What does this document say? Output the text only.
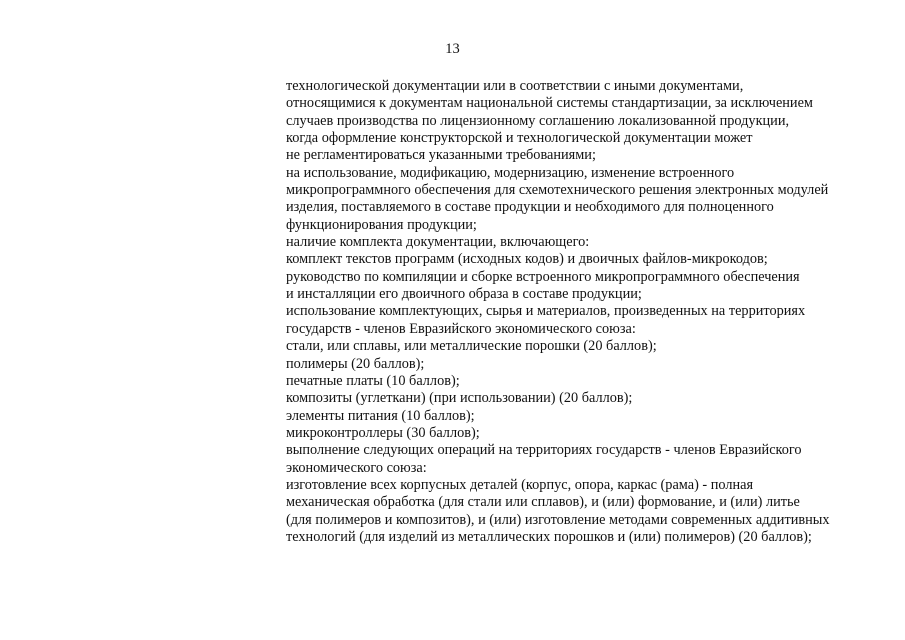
13
технологической документации или в соответствии с иными документами,
относящимися к документам национальной системы стандартизации, за исключением
случаев производства по лицензионному соглашению локализованной продукции,
когда оформление конструкторской и технологической документации может
не регламентироваться указанными требованиями;
на использование, модификацию, модернизацию, изменение встроенного
микропрограммного обеспечения для схемотехнического решения электронных модулей
изделия, поставляемого в составе продукции и необходимого для полноценного
функционирования продукции;
наличие комплекта документации, включающего:
комплект текстов программ (исходных кодов) и двоичных файлов-микрокодов;
руководство по компиляции и сборке встроенного микропрограммного обеспечения
и инсталляции его двоичного образа в составе продукции;
использование комплектующих, сырья и материалов, произведенных на территориях
государств - членов Евразийского экономического союза:
стали, или сплавы, или металлические порошки (20 баллов);
полимеры (20 баллов);
печатные платы (10 баллов);
композиты (углеткани) (при использовании) (20 баллов);
элементы питания (10 баллов);
микроконтроллеры (30 баллов);
выполнение следующих операций на территориях государств - членов Евразийского
экономического союза:
изготовление всех корпусных деталей (корпус, опора, каркас (рама) - полная
механическая обработка (для стали или сплавов), и (или) формование, и (или) литье
(для полимеров и композитов), и (или) изготовление методами современных аддитивных
технологий (для изделий из металлических порошков и (или) полимеров) (20 баллов);
